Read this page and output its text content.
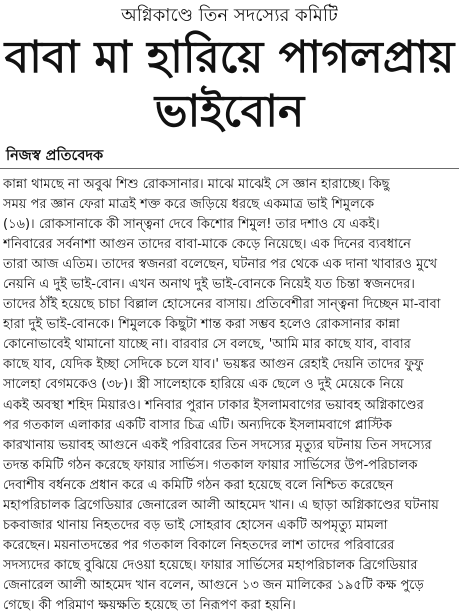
অগ্নিকাণ্ডে তিন সদস্যের কমিটি
বাবা মা হারিয়ে পাগলপ্রায়
ভাইবোন
নিজস্ব প্রতিবেদক
কান্না থামছে না অবুঝ শিশু রোকসানার। মাঝে মাঝেই সে জ্ঞান হারাচ্ছে। কিছু
সময় পর জ্ঞান ফেরা মাত্রই শক্ত করে জড়িয়ে ধরছে একমাত্র ভাই শিমুলকে
(১৬)। রোকসানাকে কী সান্ত্বনা দেবে কিশোর শিমুল! তার দশাও যে একই।
শনিবারের সর্বনাশা আগুন তাদের বাবা-মাকে কেড়ে নিয়েছে। এক দিনের ব্যবধানে
তারা আজ এতিম। তাদের স্বজনরা বলেছেন, ঘটনার পর থেকে এক দানা খাবারও মুখে
নেয়নি এ দুই ভাই-বোন। এখন অনাথ দুই ভাই-বোনকে নিয়েই যত চিন্তা স্বজনদের।
তাদের ঠাঁই হয়েছে চাচা বিল্লাল হোসেনের বাসায়। প্রতিবেশীরা সান্ত্বনা দিচ্ছেন মা-বাবা
হারা দুই ভাই-বোনকে। শিমুলকে কিছুটা শান্ত করা সম্ভব হলেও রোকসানার কান্না
কোনোভাবেই থামানো যাচ্ছে না। বারবার সে বলছে, 'আমি মার কাছে যাব, বাবার
কাছে যাব, যেদিক ইচ্ছা সেদিকে চলে যাব।' ভয়ঙ্কর আগুন রেহাই দেয়নি তাদের ফুফু
সালেহা বেগমকেও (৩৮)। স্ত্রী সালেহাকে হারিয়ে এক ছেলে ও দুই মেয়েকে নিয়ে
একই অবস্থা শহিদ মিয়ারও। শনিবার পুরান ঢাকার ইসলামবাগের ভয়াবহ অগ্নিকাণ্ডের
পর গতকাল এলাকার একটি বাসার চিত্র এটি। অন্যদিকে ইসলামবাগে প্লাস্টিক
কারখানায় ভয়াবহ আগুনে একই পরিবারের তিন সদস্যের মৃত্যুর ঘটনায় তিন সদস্যের
তদন্ত কমিটি গঠন করেছে ফায়ার সার্ভিস। গতকাল ফায়ার সার্ভিসের উপ-পরিচালক
দেবাশীষ বর্ধনকে প্রধান করে এ কমিটি গঠন করা হয়েছে বলে নিশ্চিত করেছেন
মহাপরিচালক ব্রিগেডিয়ার জেনারেল আলী আহমেদ খান। এ ছাড়া অগ্নিকাণ্ডের ঘটনায়
চকবাজার থানায় নিহতদের বড় ভাই সোহরাব হোসেন একটি অপমৃত্যু মামলা
করেছেন। ময়নাতদন্তের পর গতকাল বিকালে নিহতদের লাশ তাদের পরিবারের
সদস্যদের কাছে বুঝিয়ে দেওয়া হয়েছে। ফায়ার সার্ভিসের মহাপরিচালক ব্রিগেডিয়ার
জেনারেল আলী আহমেদ খান বলেন, আগুনে ১৩ জন মালিকের ১৯৫টি কক্ষ পুড়ে
গেছে। কী পরিমাণ ক্ষয়ক্ষতি হয়েছে তা নিরূপণ করা হয়নি।
